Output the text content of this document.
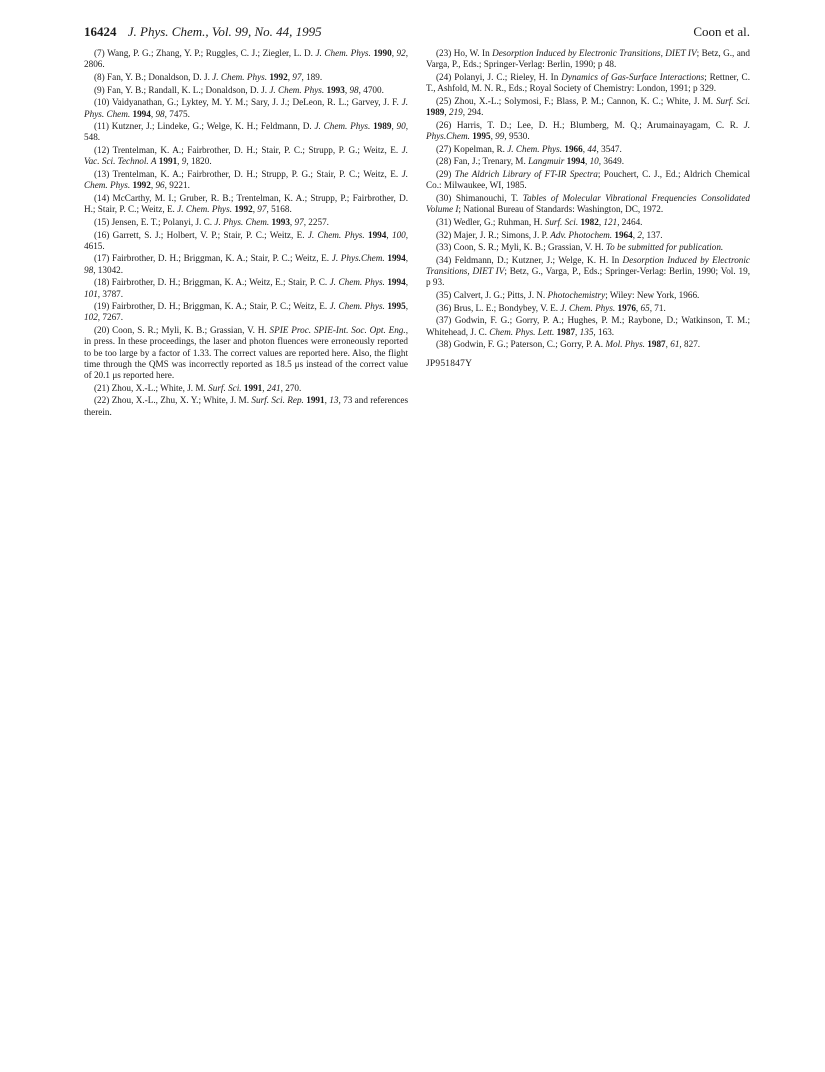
16424 J. Phys. Chem., Vol. 99, No. 44, 1995	Coon et al.

(7) Wang, P. G.; Zhang, Y. P.; Ruggles, C. J.; Ziegler, L. D. J. Chem. Phys. 1990, 92, 2806.

(8) Fan, Y. B.; Donaldson, D. J. J. Chem. Phys. 1992, 97, 189.

(9) Fan, Y. B.; Randall, K. L.; Donaldson, D. J. J. Chem. Phys. 1993, 98, 4700.

(10) Vaidyanathan, G.; Lyktey, M. Y. M.; Sary, J. J.; DeLeon, R. L.; Garvey, J. F. J. Phys. Chem. 1994, 98, 7475.

(11) Kutzner, J.; Lindeke, G.; Welge, K. H.; Feldmann, D. J. Chem. Phys. 1989, 90, 548.

(12) Trentelman, K. A.; Fairbrother, D. H.; Stair, P. C.; Strupp, P. G.; Weitz, E. J. Vac. Sci. Technol. A 1991, 9, 1820.

(13) Trentelman, K. A.; Fairbrother, D. H.; Strupp, P. G.; Stair, P. C.; Weitz, E. J. Chem. Phys. 1992, 96, 9221.

(14) McCarthy, M. I.; Gruber, R. B.; Trentelman, K. A.; Strupp, P.; Fairbrother, D. H.; Stair, P. C.; Weitz, E. J. Chem. Phys. 1992, 97, 5168.

(15) Jensen, E. T.; Polanyi, J. C. J. Phys. Chem. 1993, 97, 2257.

(16) Garrett, S. J.; Holbert, V. P.; Stair, P. C.; Weitz, E. J. Chem. Phys. 1994, 100, 4615.

(17) Fairbrother, D. H.; Briggman, K. A.; Stair, P. C.; Weitz, E. J. Phys.Chem. 1994, 98, 13042.

(18) Fairbrother, D. H.; Briggman, K. A.; Weitz, E.; Stair, P. C. J. Chem. Phys. 1994, 101, 3787.

(19) Fairbrother, D. H.; Briggman, K. A.; Stair, P. C.; Weitz, E. J. Chem. Phys. 1995, 102, 7267.

(20) Coon, S. R.; Myli, K. B.; Grassian, V. H. SPIE Proc. SPIE-Int. Soc. Opt. Eng., in press. In these proceedings, the laser and photon fluences were erroneously reported to be too large by a factor of 1.33. The correct values are reported here. Also, the flight time through the QMS was incorrectly reported as 18.5 μs instead of the correct value of 20.1 μs reported here.

(21) Zhou, X.-L.; White, J. M. Surf. Sci. 1991, 241, 270.

(22) Zhou, X.-L., Zhu, X. Y.; White, J. M. Surf. Sci. Rep. 1991, 13, 73 and references therein.

(23) Ho, W. In Desorption Induced by Electronic Transitions, DIET IV; Betz, G., and Varga, P., Eds.; Springer-Verlag: Berlin, 1990; p 48.

(24) Polanyi, J. C.; Rieley, H. In Dynamics of Gas-Surface Interactions; Rettner, C. T., Ashfold, M. N. R., Eds.; Royal Society of Chemistry: London, 1991; p 329.

(25) Zhou, X.-L.; Solymosi, F.; Blass, P. M.; Cannon, K. C.; White, J. M. Surf. Sci. 1989, 219, 294.

(26) Harris, T. D.; Lee, D. H.; Blumberg, M. Q.; Arumainayagam, C. R. J. Phys.Chem. 1995, 99, 9530.

(27) Kopelman, R. J. Chem. Phys. 1966, 44, 3547.

(28) Fan, J.; Trenary, M. Langmuir 1994, 10, 3649.

(29) The Aldrich Library of FT-IR Spectra; Pouchert, C. J., Ed.; Aldrich Chemical Co.: Milwaukee, WI, 1985.

(30) Shimanouchi, T. Tables of Molecular Vibrational Frequencies Consolidated Volume I; National Bureau of Standards: Washington, DC, 1972.

(31) Wedler, G.; Ruhman, H. Surf. Sci. 1982, 121, 2464.

(32) Majer, J. R.; Simons, J. P. Adv. Photochem. 1964, 2, 137.

(33) Coon, S. R.; Myli, K. B.; Grassian, V. H. To be submitted for publication.

(34) Feldmann, D.; Kutzner, J.; Welge, K. H. In Desorption Induced by Electronic Transitions, DIET IV; Betz, G., Varga, P., Eds.; Springer-Verlag: Berlin, 1990; Vol. 19, p 93.

(35) Calvert, J. G.; Pitts, J. N. Photochemistry; Wiley: New York, 1966.

(36) Brus, L. E.; Bondybey, V. E. J. Chem. Phys. 1976, 65, 71.

(37) Godwin, F. G.; Gorry, P. A.; Hughes, P. M.; Raybone, D.; Watkinson, T. M.; Whitehead, J. C. Chem. Phys. Lett. 1987, 135, 163.

(38) Godwin, F. G.; Paterson, C.; Gorry, P. A. Mol. Phys. 1987, 61, 827.

JP951847Y
